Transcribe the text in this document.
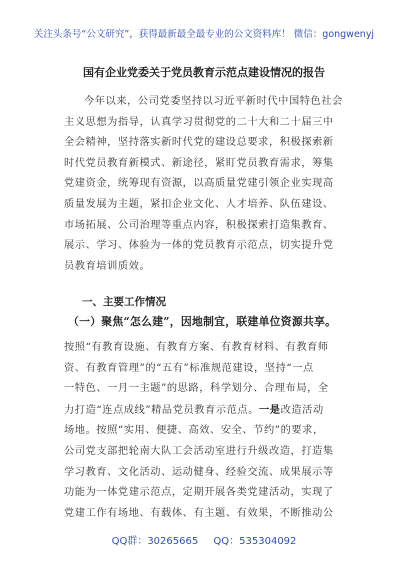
关注头条号“公文研究”，获得最新最全最专业的公文资料库！ 微信：gongwenyj
国有企业党委关于党员教育示范点建设情况的报告
今年以来，公司党委坚持以习近平新时代中国特色社会
主义思想为指导，认真学习贯彻党的二十大和二十届三中
全会精神，坚持落实新时代党的建设总要求，积极探索新
时代党员教育新模式、新途径，紧盯党员教育需求，筹集
党建资金，统筹现有资源，以高质量党建引领企业实现高
质量发展为主题，紧扣企业文化、人才培养、队伍建设、
市场拓展、公司治理等重点内容，积极探索打造集教育、
展示、学习、体验为一体的党员教育示范点，切实提升党
员教育培训质效。
一、主要工作情况
（一）聚焦“怎么建”，因地制宜，联建单位资源共享。
按照“有教育设施、有教育方案、有教育材料、有教育师
资、有教育管理”的“五有”标准规范建设，坚持“一点
一特色、一月一主题”的思路，科学划分、合理布局，全
力打造“连点成线”精品党员教育示范点。一是改造活动
场地。按照“实用、便捷、高效、安全、节约”的要求，
公司党支部把轮南大队工会活动室进行升级改造，打造集
学习教育、文化活动、运动健身、经验交流、成果展示等
功能为一体党建示范点，定期开展各类党建活动，实现了
党建工作有场地、有载体、有主题、有效果，不断推动公
QQ群：30265665 QQ：535304092
